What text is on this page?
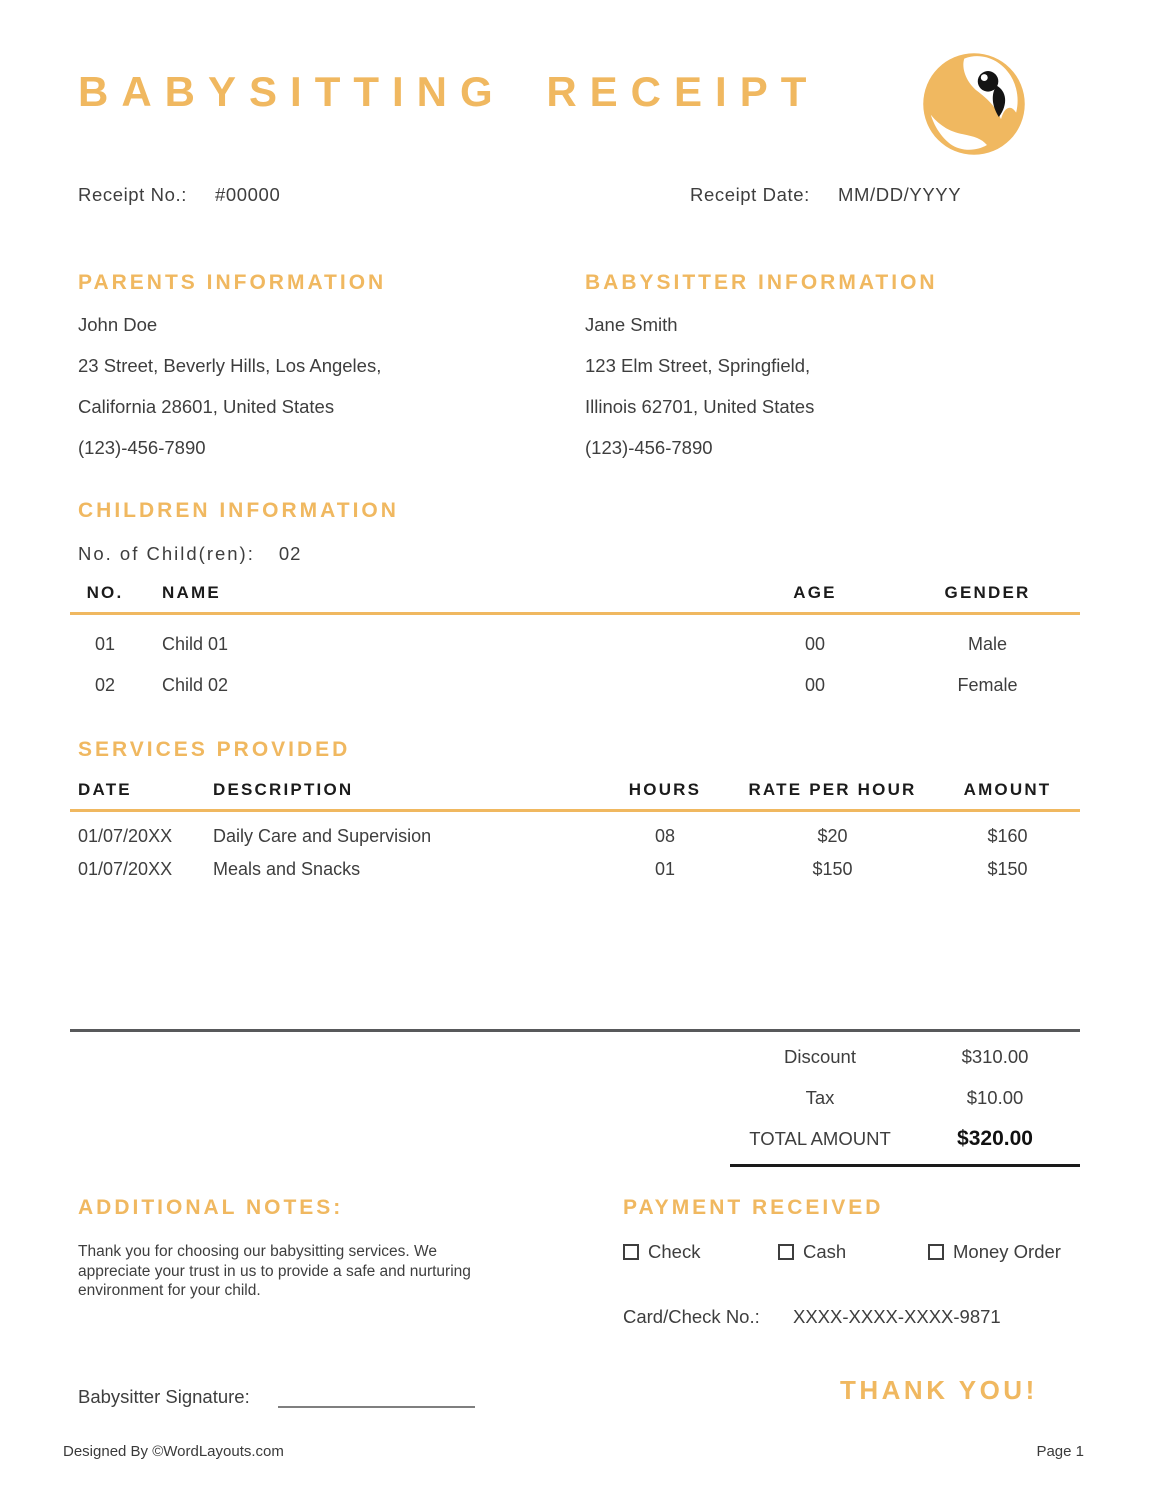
BABYSITTING RECEIPT
Receipt No.: #00000	Receipt Date: MM/DD/YYYY
PARENTS INFORMATION
John Doe
23 Street, Beverly Hills, Los Angeles,
California 28601, United States
(123)-456-7890
BABYSITTER INFORMATION
Jane Smith
123 Elm Street, Springfield,
Illinois 62701, United States
(123)-456-7890
CHILDREN INFORMATION
No. of Child(ren): 02
NO.	NAME	AGE	GENDER
01	Child 01	00	Male
02	Child 02	00	Female
SERVICES PROVIDED
DATE	DESCRIPTION	HOURS	RATE PER HOUR	AMOUNT
01/07/20XX	Daily Care and Supervision	08	$20	$160
01/07/20XX	Meals and Snacks	01	$150	$150
Discount	$310.00
Tax	$10.00
TOTAL AMOUNT	$320.00
ADDITIONAL NOTES:
Thank you for choosing our babysitting services. We appreciate your trust in us to provide a safe and nurturing environment for your child.
PAYMENT RECEIVED
Check	Cash	Money Order
Card/Check No.: XXXX-XXXX-XXXX-9871
Babysitter Signature:	THANK YOU!
Designed By ©WordLayouts.com	Page 1
